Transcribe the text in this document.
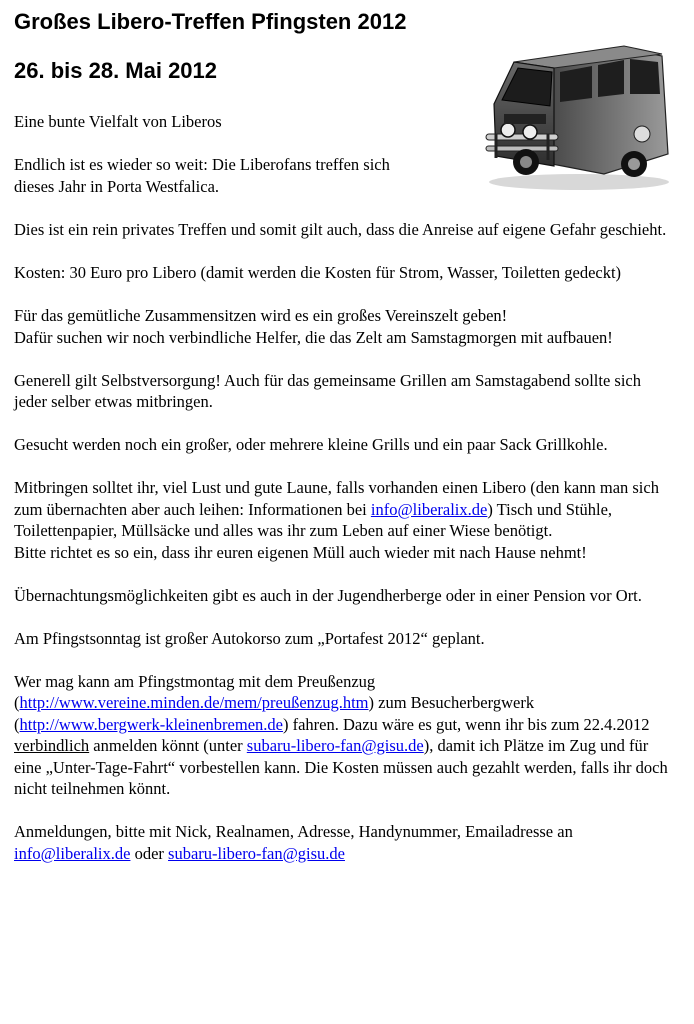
Großes Libero-Treffen Pfingsten 2012
26. bis 28. Mai 2012

Eine bunte Vielfalt von Liberos

Endlich ist es wieder so weit: Die Liberofans treffen sich

dieses Jahr in Porta Westfalica.

Dies ist ein rein privates Treffen und somit gilt auch, dass die Anreise auf eigene Gefahr geschieht.

Kosten: 30 Euro pro Libero (damit werden die Kosten für Strom, Wasser, Toiletten gedeckt)

Für das gemütliche Zusammensitzen wird es ein großes Vereinszelt geben!

Dafür suchen wir noch verbindliche Helfer, die das Zelt am Samstagmorgen mit aufbauen!

Generell gilt Selbstversorgung! Auch für das gemeinsame Grillen am Samstagabend sollte sich jeder selber etwas mitbringen.

Gesucht werden noch ein großer, oder mehrere kleine Grills und ein paar Sack Grillkohle.

Mitbringen solltet ihr, viel Lust und gute Laune, falls vorhanden einen Libero (den kann man sich zum übernachten aber auch leihen: Informationen bei info@liberalix.de) Tisch und Stühle, Toilettenpapier, Müllsäcke und alles was ihr zum Leben auf einer Wiese benötigt.

Bitte richtet es so ein, dass ihr euren eigenen Müll auch wieder mit nach Hause nehmt!

Übernachtungsmöglichkeiten gibt es auch in der Jugendherberge oder in einer Pension vor Ort.

Am Pfingstsonntag ist großer Autokorso zum „Portafest 2012“ geplant.

Wer mag kann am Pfingstmontag mit dem Preußenzug (http://www.vereine.minden.de/mem/preußenzug.htm) zum Besucherbergwerk (http://www.bergwerk-kleinenbremen.de) fahren. Dazu wäre es gut, wenn ihr bis zum 22.4.2012 verbindlich anmelden könnt (unter subaru-libero-fan@gisu.de), damit ich Plätze im Zug und für eine „Unter-Tage-Fahrt“ vorbestellen kann. Die Kosten müssen auch gezahlt werden, falls ihr doch nicht teilnehmen könnt.

Anmeldungen, bitte mit Nick, Realnamen, Adresse, Handynummer, Emailadresse an info@liberalix.de oder subaru-libero-fan@gisu.de
